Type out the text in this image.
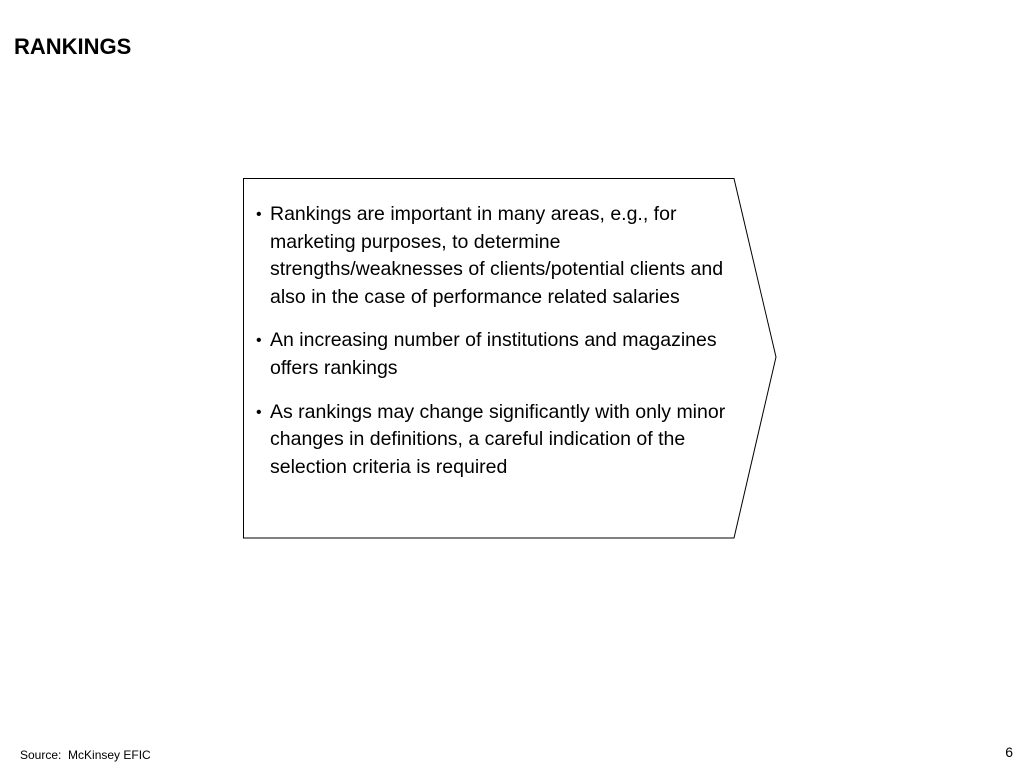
RANKINGS
• Rankings are important in many areas, e.g., for marketing purposes, to determine strengths/weaknesses of clients/potential clients and also in the case of performance related salaries
• An increasing number of institutions and magazines offers rankings
• As rankings may change significantly with only minor changes in definitions, a careful indication of the selection criteria is required
Source: McKinsey EFIC	6
